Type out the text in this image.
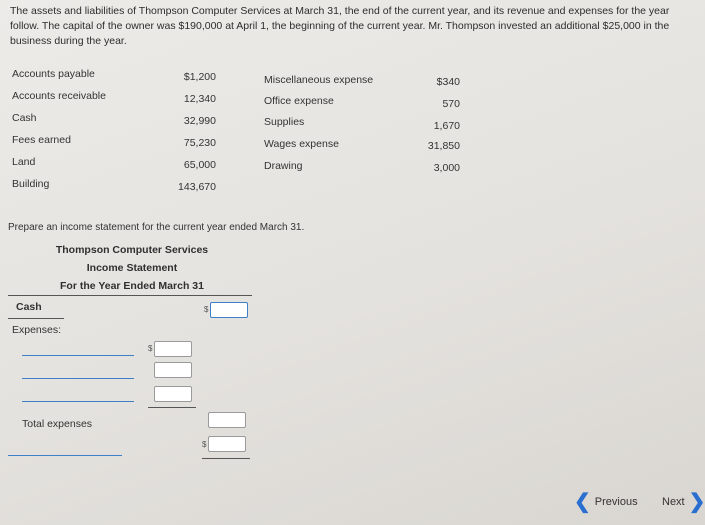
The assets and liabilities of Thompson Computer Services at March 31, the end of the current year, and its revenue and expenses for the year follow. The capital of the owner was $190,000 at April 1, the beginning of the current year. Mr. Thompson invested an additional $25,000 in the business during the year.
Accounts payable	$1,200
Accounts receivable	12,340
Cash	32,990
Fees earned	75,230
Land	65,000
Building	143,670
Miscellaneous expense	$340
Office expense	570
Supplies	1,670
Wages expense	31,850
Drawing	3,000
Prepare an income statement for the current year ended March 31.
Thompson Computer Services
Income Statement
For the Year Ended March 31
Cash	$
Expenses:
$
Total expenses
$
❮ Previous Next ❯
